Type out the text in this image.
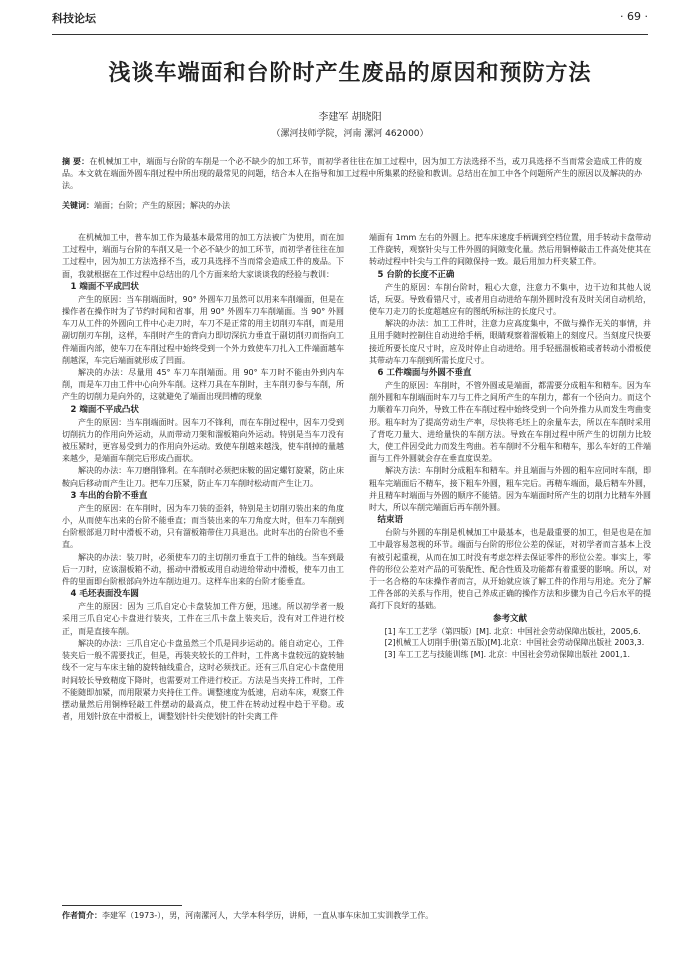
科技论坛	· 69 ·
浅谈车端面和台阶时产生废品的原因和预防方法
李建军 胡晓阳
（漯河技师学院，河南 漯河 462000）
摘 要：在机械加工中，端面与台阶的车削是一个必不缺少的加工环节，而初学者往往在加工过程中，因为加工方法选择不当，或刀具选择不当而常会造成工件的废品。本文就在端面外圆车削过程中所出现的最常见的问题，结合本人在指导和加工过程中所集累的经验和教训。总结出在加工中各个问题所产生的原因以及解决的办法。
关键词：端面；台阶；产生的原因；解决的办法

在机械加工中，普车加工作为最基本最常用的加工方法被广为使用，而在加工过程中，端面与台阶的车削又是一个必不缺少的加工环节，而初学者往往在加工过程中，因为加工方法选择不当，或刀具选择不当而常会造成工件的废品。下面，我就根据在工作过程中总结出的几个方面来给大家谈谈我的经验与教训：

1 端面不平成凹状

产生的原因：当车削端面时，90° 外圆车刀虽然可以用来车削端面，但是在操作者在操作时为了节约时间和省事，用 90° 外圆车刀车削端面。当 90° 外圆车刀从工件的外圆向工件中心走刀时，车刀不是正常的用主切削刃车削，而是用副切削刃车削，这样，车削时产生的背向力即切深抗力垂直于副切削刃而指向工件端面内部，使车刀在车削过程中始终受到一个外力致使车刀扎入工件端面越车削越深，车完后端面就形成了凹面。

解决的办法：尽量用 45° 车刀车削端面。用 90° 车刀时不能由外到内车削，而是车刀由工件中心向外车削。这样刀具在车削时，主车削刃参与车削，所产生的切削力是向外的，这就避免了端面出现凹槽的现象

2 端面不平成凸状

产生的原因：当车削端面时。因车刀不锋利，而在车削过程中，因车刀受到切削抗力的作用向外运动，从而带动刀架和溜板箱向外运动。特别是当车刀没有被压紧时，更容易受到力的作用向外运动。致使车削越来越浅，使车削掉的量越来越少，是端面车削完后形成凸面状。

解决的办法：车刀磨削锋利。在车削时必须把床鞍的固定螺钉旋紧，防止床鞍向后移动而产生让刀。把车刀压紧，防止车刀车削时松动而产生让刀。

3 车出的台阶不垂直

产生的原因：在车削时，因为车刀装的歪斜，特别是主切削刃装出来的角度小，从而使车出来的台阶不能垂直；而当装出来的车刀角度大时，但车刀车削到台阶根部退刀时中滑板不动，只有溜板箱带住刀具退出。此时车出的台阶也不垂直。

解决的办法：装刀时，必须使车刀的主切削刃垂直于工件的轴线。当车到最后一刀时，应该溜板箱不动，摇动中滑板或用自动进给带动中滑板，使车刀由工件的里面即台阶根部向外边车削边退刀。这样车出来的台阶才能垂直。

4 毛坯表面没车圆

产生的原因：因为 三爪自定心卡盘装加工件方便，迅速。所以初学者一般采用三爪自定心卡盘进行装夹，工件在三爪卡盘上装夹后，没有对工件进行校正，而是直接车削。

解决的办法：三爪自定心卡盘虽然三个爪是同步运动的。能自动定心，工件装夹后一般不需要找正，但是，再装夹较长的工件时，工件离卡盘较远的旋转轴线不一定与车床主轴的旋转轴线重合，这时必须找正。还有三爪自定心卡盘使用时间较长导致精度下降时，也需要对工件进行校正。方法是当夹持工件时，工件不能随即加紧，而用限紧力夹持住工件。调整速度为低速，启动车床，观察工件摆动量然后用铜棒轻敲工件摆动的最高点，使工件在转动过程中趋于平稳。或者，用划针放在中滑板上，调整划针针尖使划针的针尖离工件

端面有 1mm 左右的外圆上。把车床速度手柄调到空档位置，用手转动卡盘带动工件旋转，观察针尖与工件外圆的间隙变化量。然后用铜棒敲击工件高处使其在转动过程中针尖与工件的间隙保持一致。最后用加力杆夹紧工件。

5 台阶的长度不正确

产生的原因：车削台阶时，粗心大意，注意力不集中，边干边和其他人说话，玩耍。导致看错尺寸，或者用自动进给车削外圆时没有及时关闭自动机给，使车刀走刀的长度超越应有的图纸所标注的长度尺寸。

解决的办法：加工工件时，注意力应高度集中，不做与操作无关的事情，并且用手随时控制住自动进给手柄，眼睛观察着溜板箱上的刻度尺。当刻度尺快要接近所要长度尺寸时，应及时停止自动进给。用手轻摇溜板箱或者转动小滑板使其带动车刀车削到所需长度尺寸。

6 工件端面与外圆不垂直

产生的原因：车削时，不管外圆或是端面，都需要分成粗车和精车。因为车削外圆和车削端面时车刀与工件之间所产生的车削力，都有一个径向力。而这个力顺着车刀向外，导致工件在车削过程中始终受到一个向外推力从而发生弯曲变形。粗车时为了提高劳动生产率，尽快将毛坯上的余量车去，所以在车削时采用了背吃刀量大、进给量快的车削方法。导致在车削过程中所产生的切削力比较大，使工件因受此力而发生弯曲。若车削时不分粗车和精车，那么车好的工件端面与工件外圆就会存在垂直度误差。

解决方法：车削时分成粗车和精车。并且端面与外圆的粗车应同时车削，即粗车完端面后不精车，接下粗车外圆，粗车完后。再精车端面，最后精车外圆，并且精车时端面与外圆的顺序不能错。因为车端面时所产生的切削力比精车外圆时大，所以车削完端面后再车削外圆。

结束语

台阶与外圆的车削是机械加工中最基本，也是最重要的加工，但是也是在加工中最容易忽视的环节。端面与台阶的形位公差的保证，对初学者而言基本上没有被引起重视，从而在加工时没有考虑怎样去保证零件的形位公差。事实上，零件的形位公差对产品的可装配性、配合性质及功能都有着重要的影响。所以，对于一名合格的车床操作者而言，从开始就应该了解工件的作用与用途。充分了解工件各部的关系与作用，使自己养成正确的操作方法和步骤为自己今后水平的提高打下良好的基础。

参考文献

[1] 车工工艺学（第四版）[M]. 北京：中国社会劳动保障出版社，2005,6.

[2]机械工人切削手册(第五版)[M].北京：中国社会劳动保障出版社 2003,3.

[3] 车工工艺与技能训练 [M]. 北京：中国社会劳动保障出版社 2001,1.

作者简介：李建军（1973-），男，河南漯河人，大学本科学历，讲师，一直从事车床加工实训教学工作。
